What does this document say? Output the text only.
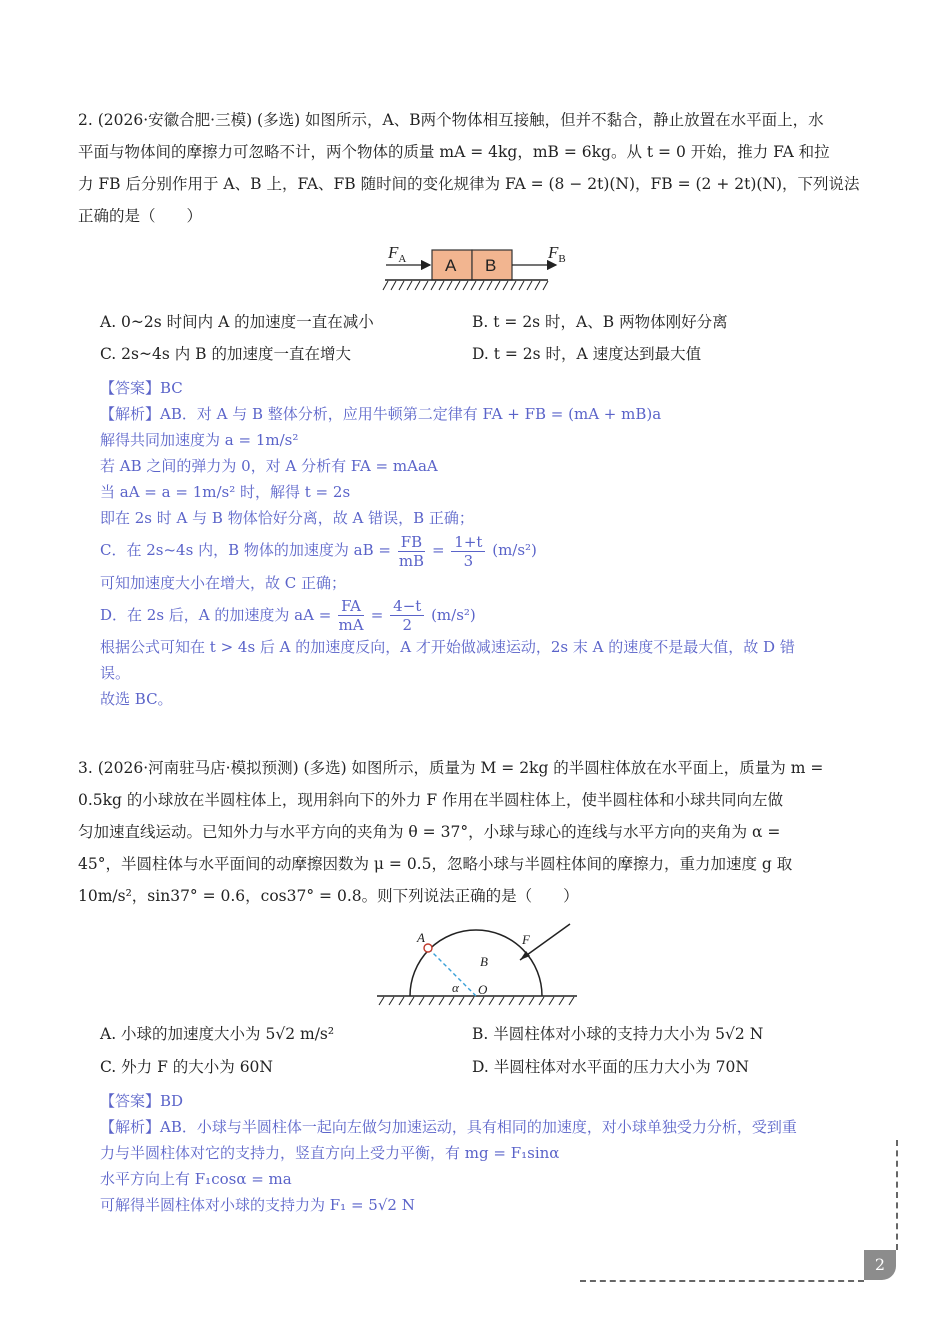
2. (2026·安徽合肥·三模) (多选) 如图所示，A、B两个物体相互接触，但并不黏合，静止放置在水平面上，水

平面与物体间的摩擦力可忽略不计，两个物体的质量 mA = 4kg，mB = 6kg。从 t = 0 开始，推力 FA 和拉

力 FB 后分别作用于 A、B 上，FA、FB 随时间的变化规律为 FA = (8 − 2t)(N)，FB = (2 + 2t)(N)，下列说法

正确的是（　　）

$F_A$	$F_B$
A B
A. 0~2s 时间内 A 的加速度一直在减小	B. t = 2s 时，A、B 两物体刚好分离
C. 2s~4s 内 B 的加速度一直在增大	D. t = 2s 时，A 速度达到最大值

【答案】BC

【解析】AB．对 A 与 B 整体分析，应用牛顿第二定律有 FA + FB = (mA + mB)a

解得共同加速度为 a = 1m/s²

若 AB 之间的弹力为 0，对 A 分析有 FA = mAaA

当 aA = a = 1m/s² 时，解得 t = 2s

即在 2s 时 A 与 B 物体恰好分离，故 A 错误，B 正确；

C．在 2s~4s 内，B 物体的加速度为 aB = $\frac{FB}{mB} = \frac{1+t}{3} (m/s^2)$

可知加速度大小在增大，故 C 正确；

D．在 2s 后，A 的加速度为 aA = $\frac{FA}{mA} = \frac{4-t}{2} (m/s^2)$

根据公式可知在 t > 4s 后 A 的加速度反向，A 才开始做减速运动，2s 末 A 的速度不是最大值，故 D 错

误。

故选 BC。

3. (2026·河南驻马店·模拟预测) (多选) 如图所示，质量为 M = 2kg 的半圆柱体放在水平面上，质量为 m =

0.5kg 的小球放在半圆柱体上，现用斜向下的外力 F 作用在半圆柱体上，使半圆柱体和小球共同向左做

匀加速直线运动。已知外力与水平方向的夹角为 θ = 37°，小球与球心的连线与水平方向的夹角为 α =

45°，半圆柱体与水平面间的动摩擦因数为 μ = 0.5，忽略小球与半圆柱体间的摩擦力，重力加速度 g 取

10m/s²，sin37° = 0.6，cos37° = 0.8。则下列说法正确的是（　　）

A
B
F
α O
A. 小球的加速度大小为 5√2 m/s²	B. 半圆柱体对小球的支持力大小为 5√2 N
C. 外力 F 的大小为 60N	D. 半圆柱体对水平面的压力大小为 70N

【答案】BD

【解析】AB．小球与半圆柱体一起向左做匀加速运动，具有相同的加速度，对小球单独受力分析，受到重

力与半圆柱体对它的支持力，竖直方向上受力平衡，有 mg = F₁sinα

水平方向上有 F₁cosα = ma

可解得半圆柱体对小球的支持力为 F₁ = 5√2 N

2
